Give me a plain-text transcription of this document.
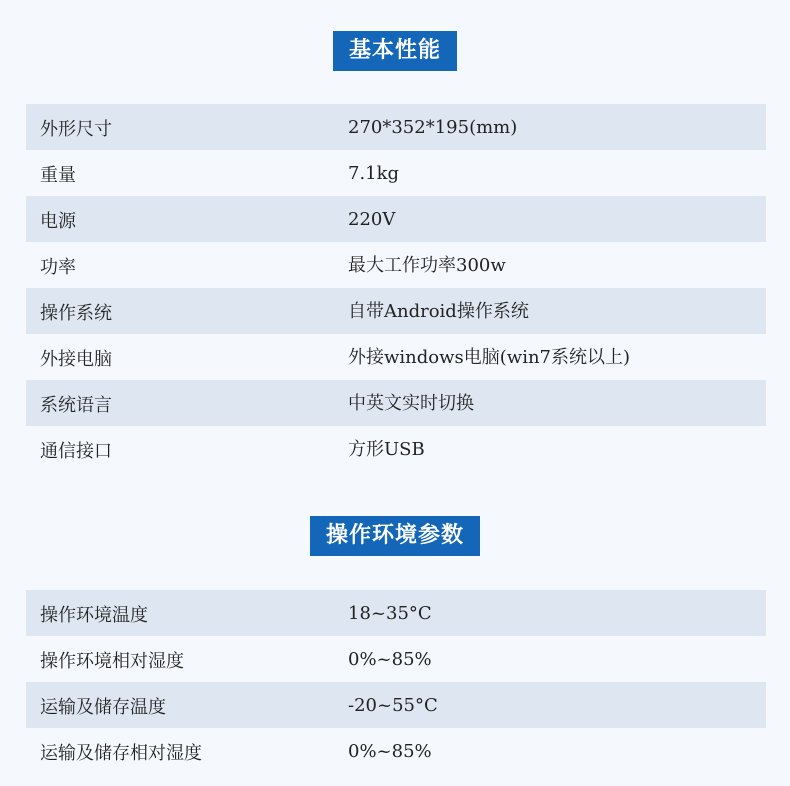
基本性能
外形尺寸	270*352*195(mm)
重量	7.1kg
电源	220V
功率	最大工作功率300w
操作系统	自带Android操作系统
外接电脑	外接windows电脑(win7系统以上)
系统语言	中英文实时切换
通信接口	方形USB
操作环境参数
操作环境温度	18~35°C
操作环境相对湿度	0%~85%
运输及储存温度	-20~55°C
运输及储存相对湿度	0%~85%
